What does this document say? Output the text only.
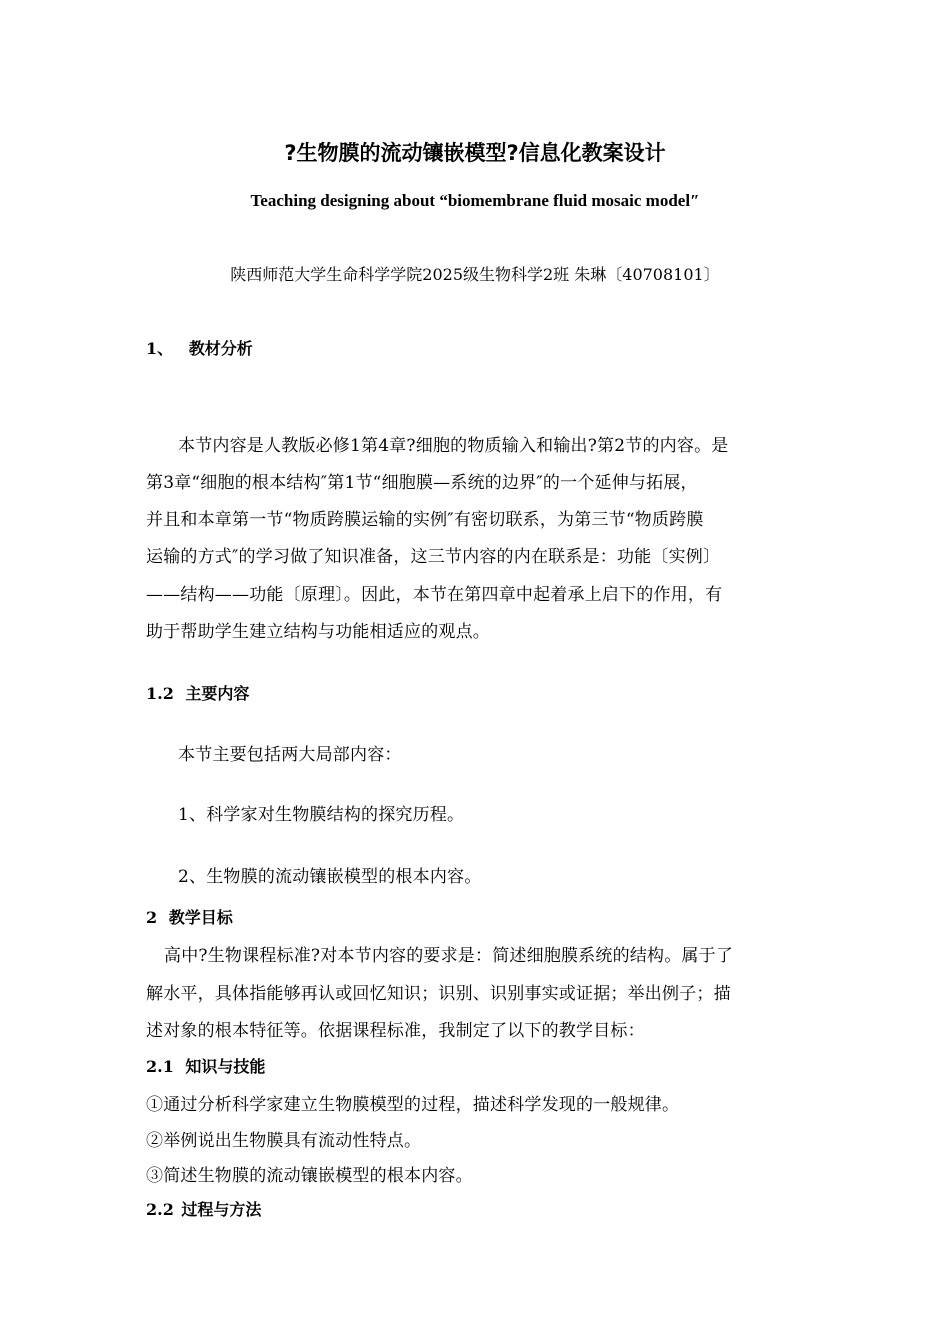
?生物膜的流动镶嵌模型?信息化教案设计
Teaching designing about “biomembrane fluid mosaic model″
陕西师范大学生命科学学院2025级生物科学2班 朱琳〔40708101〕
1、 教材分析
本节内容是人教版必修1第4章?细胞的物质输入和输出?第2节的内容。是
第3章“细胞的根本结构″第1节“细胞膜—系统的边界″的一个延伸与拓展，
并且和本章第一节“物质跨膜运输的实例″有密切联系，为第三节“物质跨膜
运输的方式″的学习做了知识准备，这三节内容的内在联系是：功能〔实例〕
——结构——功能〔原理〕。因此，本节在第四章中起着承上启下的作用，有
助于帮助学生建立结构与功能相适应的观点。
1.2 主要内容
本节主要包括两大局部内容：
1、科学家对生物膜结构的探究历程。
2、生物膜的流动镶嵌模型的根本内容。
2 教学目标
高中?生物课程标准?对本节内容的要求是：简述细胞膜系统的结构。属于了
解水平，具体指能够再认或回忆知识；识别、识别事实或证据；举出例子；描
述对象的根本特征等。依据课程标准，我制定了以下的教学目标：
2.1 知识与技能
①通过分析科学家建立生物膜模型的过程，描述科学发现的一般规律。
②举例说出生物膜具有流动性特点。
③简述生物膜的流动镶嵌模型的根本内容。
2.2 过程与方法
